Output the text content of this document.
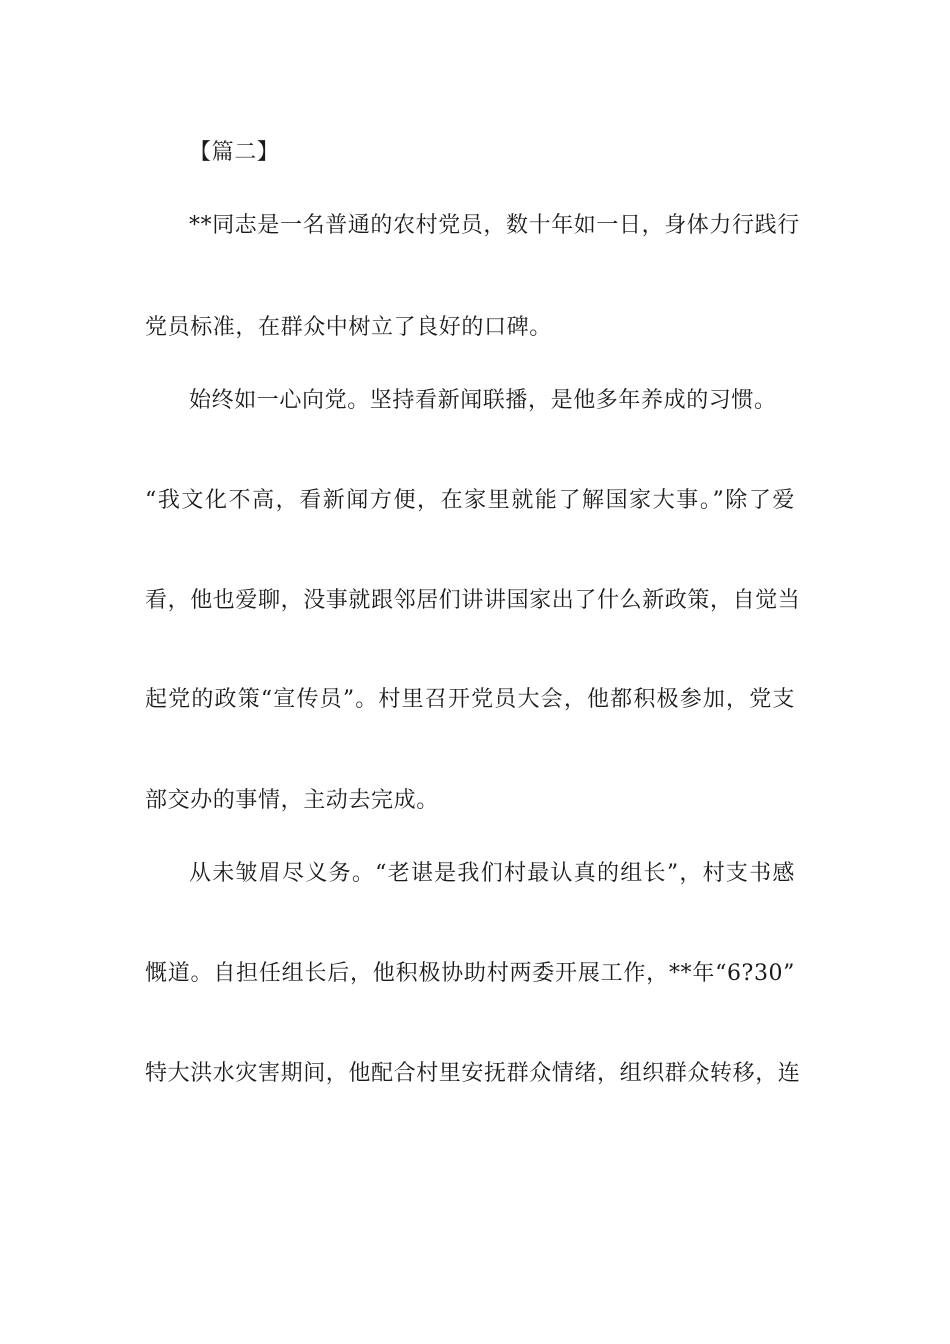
【篇二】
**同志是一名普通的农村党员，数十年如一日，身体力行践行
党员标准，在群众中树立了良好的口碑。
始终如一心向党。坚持看新闻联播，是他多年养成的习惯。
“我文化不高，看新闻方便，在家里就能了解国家大事。”除了爱
看，他也爱聊，没事就跟邻居们讲讲国家出了什么新政策，自觉当
起党的政策“宣传员”。村里召开党员大会，他都积极参加，党支
部交办的事情，主动去完成。
从未皱眉尽义务。“老谌是我们村最认真的组长”，村支书感
慨道。自担任组长后，他积极协助村两委开展工作，**年“6?30”
特大洪水灾害期间，他配合村里安抚群众情绪，组织群众转移，连
